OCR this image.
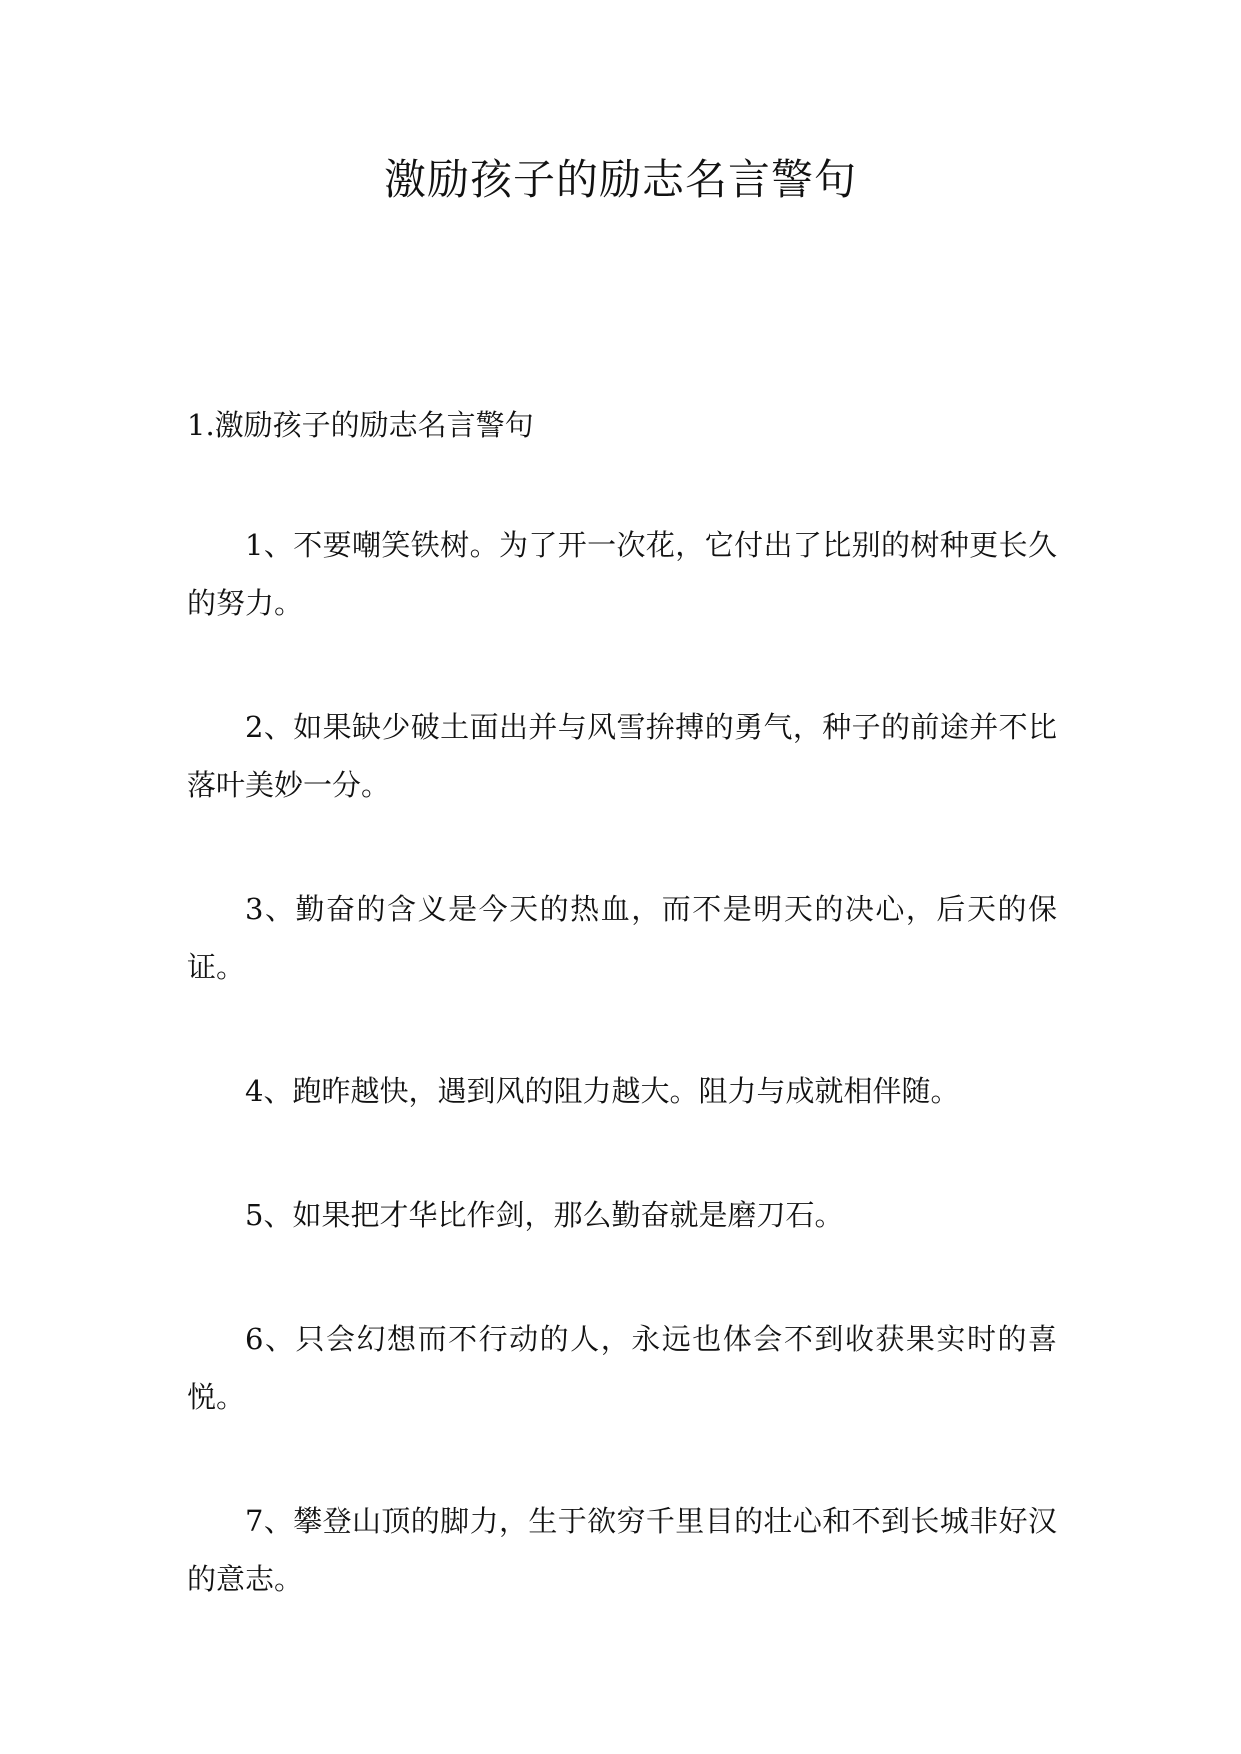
激励孩子的励志名言警句

1.激励孩子的励志名言警句

1、不要嘲笑铁树。为了开一次花，它付出了比别的树种更长久的努力。
2、如果缺少破土面出并与风雪拚搏的勇气，种子的前途并不比落叶美妙一分。
3、勤奋的含义是今天的热血，而不是明天的决心，后天的保证。
4、跑昨越快，遇到风的阻力越大。阻力与成就相伴随。
5、如果把才华比作剑，那么勤奋就是磨刀石。
6、只会幻想而不行动的人，永远也体会不到收获果实时的喜悦。
7、攀登山顶的脚力，生于欲穷千里目的壮心和不到长城非好汉的意志。
